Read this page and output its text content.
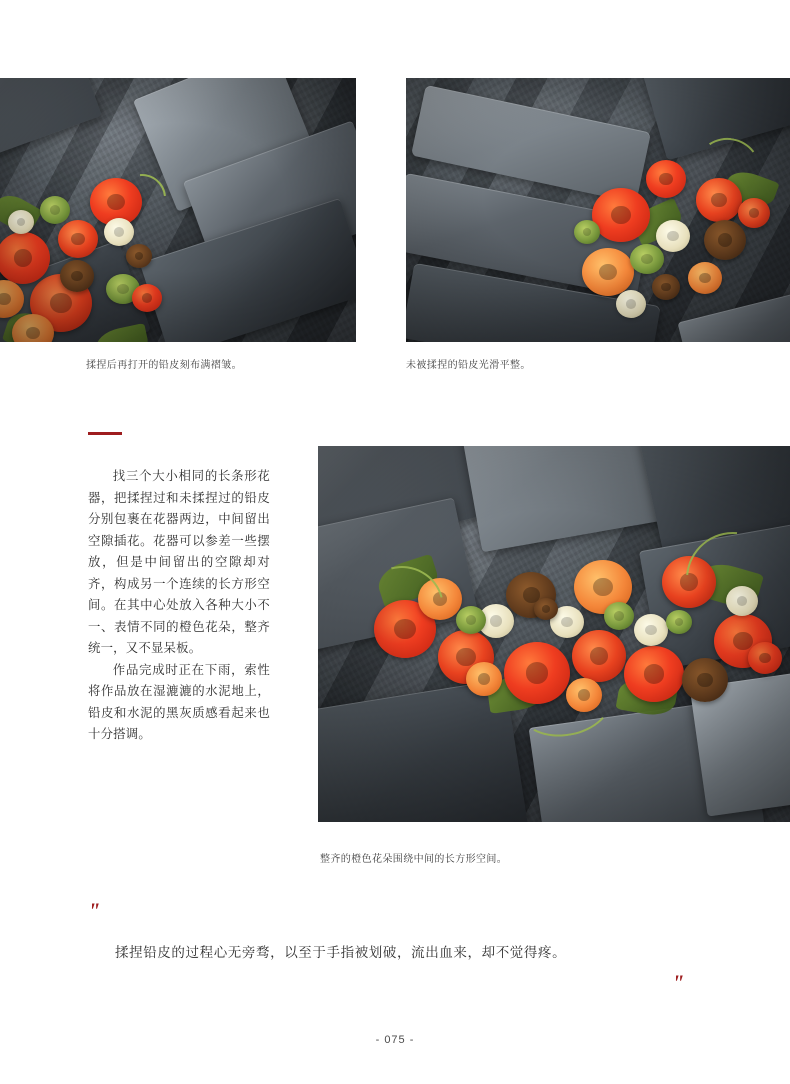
揉捏后再打开的铅皮刻布满褶皱。	未被揉捏的铅皮光滑平整。

找三个大小相同的长条形花器，把揉捏过和未揉捏过的铅皮分别包裹在花器两边，中间留出空隙插花。花器可以参差一些摆放，但是中间留出的空隙却对齐，构成另一个连续的长方形空间。在其中心处放入各种大小不一、表情不同的橙色花朵，整齐统一，又不显呆板。

作品完成时正在下雨，索性将作品放在湿漉漉的水泥地上，铅皮和水泥的黑灰质感看起来也十分搭调。

整齐的橙色花朵围绕中间的长方形空间。
"
揉捏铅皮的过程心无旁骛，以至于手指被划破，流出血来，却不觉得疼。
"
- 075 -
